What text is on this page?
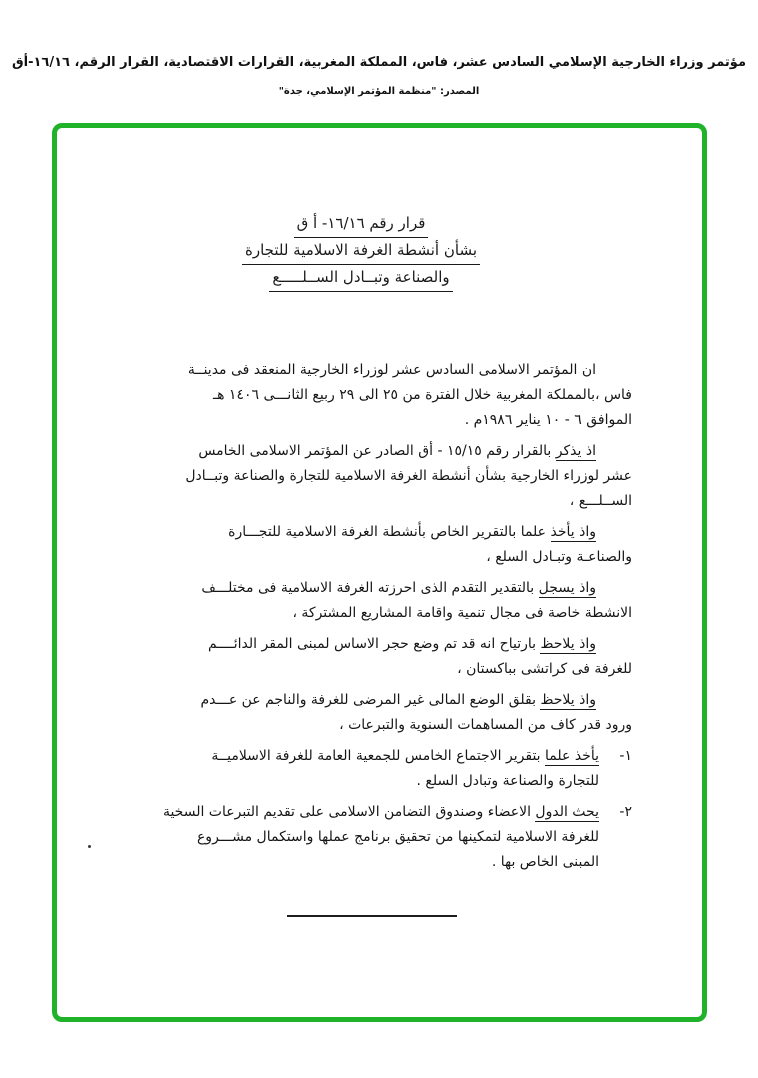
مؤتمر وزراء الخارجية الإسلامي السادس عشر، فاس، المملكة المغربية، القرارات الاقتصادية، القرار الرقم، ١٦/١٦-أق
المصدر: "منظمة المؤتمر الإسلامي، جدة"
قرار رقم ١٦/١٦- أ ق
بشأن أنشطة الغرفة الاسلامية للتجارة
والصناعة وتبــادل الســلـــــع
ان المؤتمر الاسلامى السادس عشر لوزراء الخارجية المنعقد فى مدينــة
فاس ،بالمملكة المغربية خلال الفترة من ٢٥ الى ٢٩ ربيع الثانـــى ١٤٠٦ هـ
الموافق ٦ - ١٠ يناير ١٩٨٦م .
اذ يذكر بالقرار رقم ١٥/١٥ - أق الصادر عن المؤتمر الاسلامى الخامس
عشر لوزراء الخارجية بشأن أنشطة الغرفة الاسلامية للتجارة والصناعة وتبــادل
الســلـــع ،
واذ يأخذ علما بالتقرير الخاص بأنشطة الغرفة الاسلامية للتجـــارة
والصناعـة وتبـادل السلع ،
واذ يسجل بالتقدير التقدم الذى احرزته الغرفة الاسلامية فى مختلـــف
الانشطة خاصة فى مجال تنمية واقامة المشاريع المشتركة ،
واذ يلاحظ بارتياح انه قد تم وضع حجر الاساس لمبنى المقر الدائــــم
للغرفة فى كراتشى بباكستان ،
واذ يلاحظ بقلق الوضع المالى غير المرضى للغرفة والناجم عن عـــدم
ورود قدر كاف من المساهمات السنوية والتبرعات ،
١-
يأخذ علما بتقرير الاجتماع الخامس للجمعية العامة للغرفة الاسلاميــة
للتجارة والصناعة وتبادل السلع .
٢-
يحث الدول الاعضاء وصندوق التضامن الاسلامى على تقديم التبرعات السخية
للغرفة الاسلامية لتمكينها من تحقيق برنامج عملها واستكمال مشـــروع
المبنى الخاص بها .
